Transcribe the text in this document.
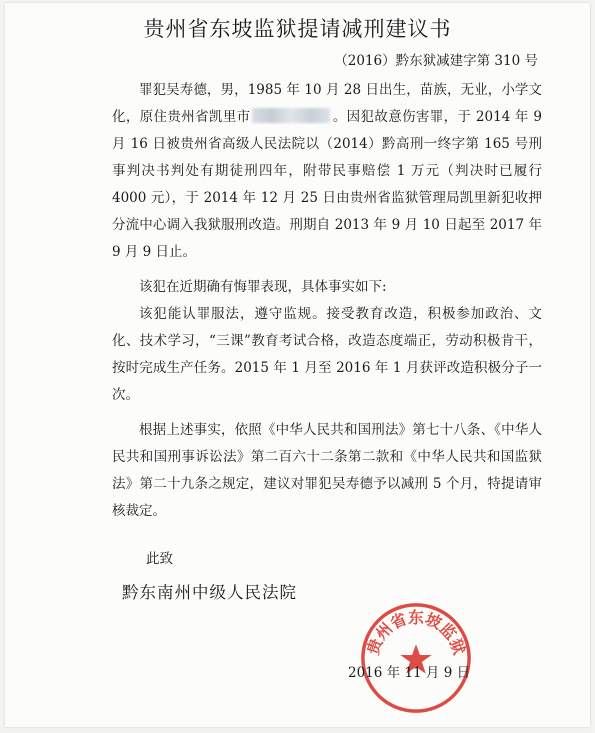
贵州省东坡监狱提请减刑建议书
（2016）黔东狱减建字第 310 号

罪犯吴寿德，男，1985 年 10 月 28 日出生，苗族，无业，小学文化，原住贵州省凯里市	。因犯故意伤害罪，于 2014 年 9 月 16 日被贵州省高级人民法院以（2014）黔高刑一终字第 165 号刑事判决书判处有期徒刑四年，附带民事赔偿 1 万元（判决时已履行 4000 元），于 2014 年 12 月 25 日由贵州省监狱管理局凯里新犯收押分流中心调入我狱服刑改造。刑期自 2013 年 9 月 10 日起至 2017 年 9 月 9 日止。

该犯在近期确有悔罪表现，具体事实如下:

该犯能认罪服法，遵守监规。接受教育改造，积极参加政治、文化、技术学习，“三课”教育考试合格，改造态度端正，劳动积极肯干，按时完成生产任务。2015 年 1 月至 2016 年 1 月获评改造积极分子一次。

根据上述事实，依照《中华人民共和国刑法》第七十八条、《中华人民共和国刑事诉讼法》第二百六十二条第二款和《中华人民共和国监狱法》第二十九条之规定，建议对罪犯吴寿德予以减刑 5 个月，特提请审核裁定。

此致
黔东南州中级人民法院
贵州省东坡监狱
2016 年 11 月 9 日
